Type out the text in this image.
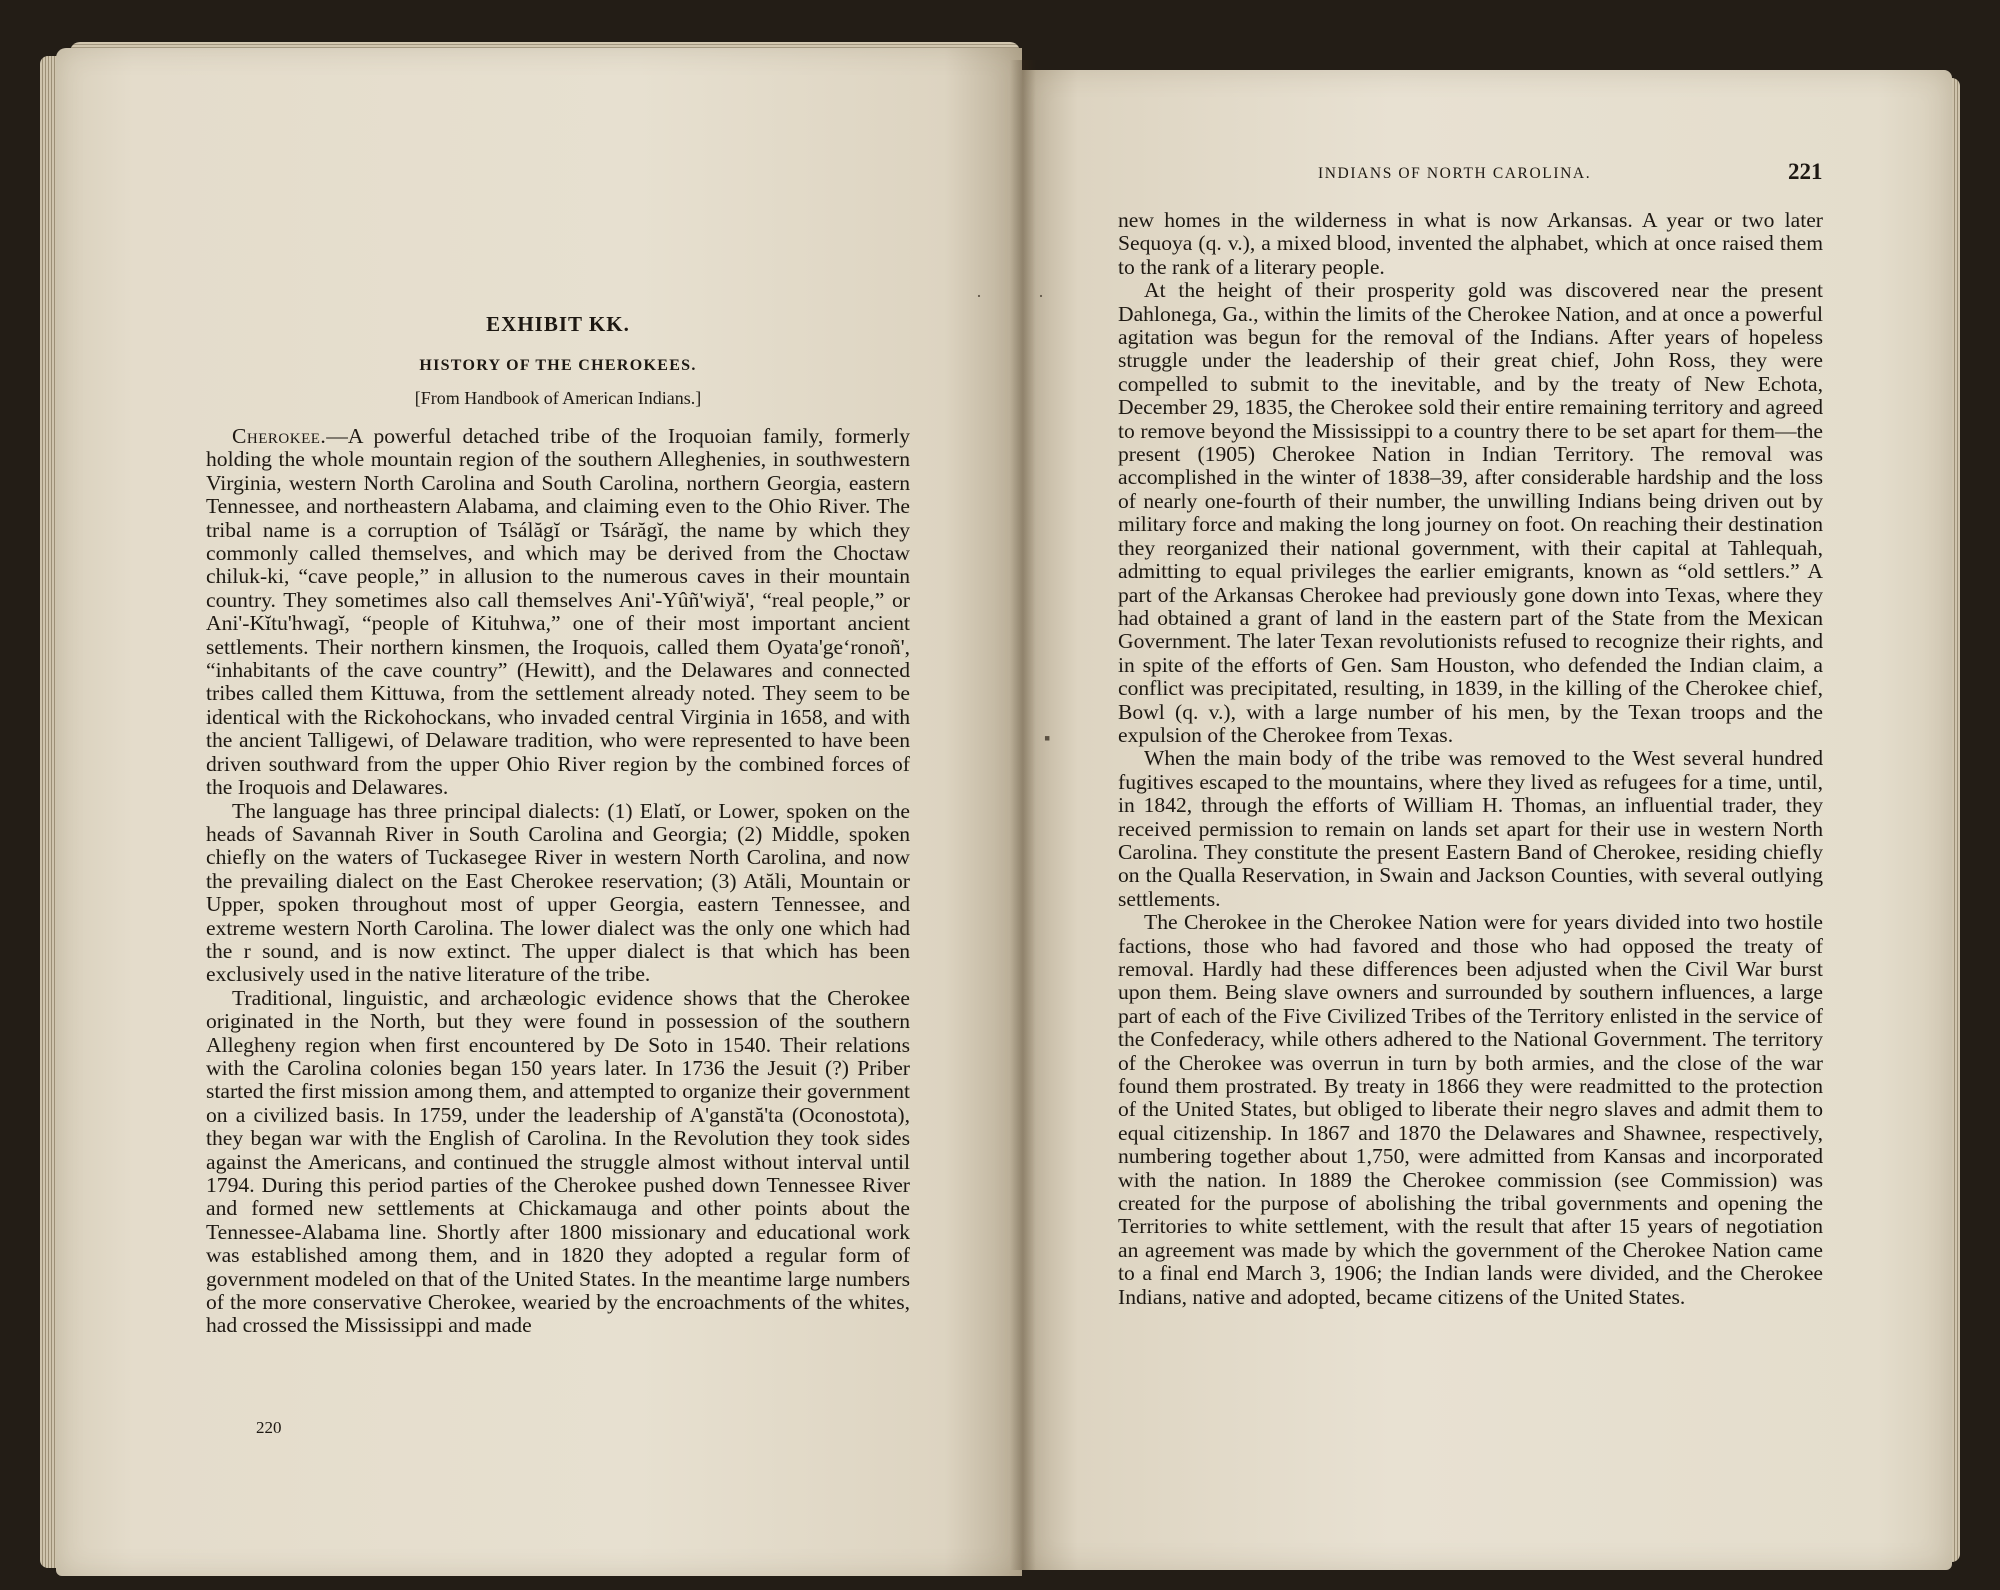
·	·
▪
EXHIBIT KK.
HISTORY OF THE CHEROKEES.
[From Handbook of American Indians.]

Cherokee.—A powerful detached tribe of the Iroquoian family, formerly holding the whole mountain region of the southern Alleghenies, in southwestern Virginia, western North Carolina and South Carolina, northern Georgia, eastern Tennessee, and northeastern Alabama, and claiming even to the Ohio River. The tribal name is a corruption of Tsálăgĭ or Tsárăgĭ, the name by which they commonly called themselves, and which may be derived from the Choctaw chiluk-ki, “cave people,” in allusion to the numerous caves in their mountain country. They sometimes also call themselves Ani'-Yûñ'wiyă', “real people,” or Ani'-Kĭtu'hwagĭ, “people of Kituhwa,” one of their most important ancient settlements. Their northern kinsmen, the Iroquois, called them Oyata'geʻronoñ', “inhabitants of the cave country” (Hewitt), and the Delawares and connected tribes called them Kittuwa, from the settlement already noted. They seem to be identical with the Rickohockans, who invaded central Virginia in 1658, and with the ancient Talligewi, of Delaware tradition, who were represented to have been driven southward from the upper Ohio River region by the combined forces of the Iroquois and Delawares.

The language has three principal dialects: (1) Elatĭ, or Lower, spoken on the heads of Savannah River in South Carolina and Georgia; (2) Middle, spoken chiefly on the waters of Tuckasegee River in western North Carolina, and now the prevailing dialect on the East Cherokee reservation; (3) Atăli, Mountain or Upper, spoken throughout most of upper Georgia, eastern Tennessee, and extreme western North Carolina. The lower dialect was the only one which had the r sound, and is now extinct. The upper dialect is that which has been exclusively used in the native literature of the tribe.

Traditional, linguistic, and archæologic evidence shows that the Cherokee originated in the North, but they were found in possession of the southern Allegheny region when first encountered by De Soto in 1540. Their relations with the Carolina colonies began 150 years later. In 1736 the Jesuit (?) Priber started the first mission among them, and attempted to organize their government on a civilized basis. In 1759, under the leadership of A'ganstă'ta (Oconostota), they began war with the English of Carolina. In the Revolution they took sides against the Americans, and continued the struggle almost without interval until 1794. During this period parties of the Cherokee pushed down Tennessee River and formed new settlements at Chickamauga and other points about the Tennessee-Alabama line. Shortly after 1800 missionary and educational work was established among them, and in 1820 they adopted a regular form of government modeled on that of the United States. In the meantime large numbers of the more conservative Cherokee, wearied by the encroachments of the whites, had crossed the Mississippi and made

220
INDIANS OF NORTH CAROLINA.	221

new homes in the wilderness in what is now Arkansas. A year or two later Sequoya (q. v.), a mixed blood, invented the alphabet, which at once raised them to the rank of a literary people.

At the height of their prosperity gold was discovered near the present Dahlonega, Ga., within the limits of the Cherokee Nation, and at once a powerful agitation was begun for the removal of the Indians. After years of hopeless struggle under the leadership of their great chief, John Ross, they were compelled to submit to the inevitable, and by the treaty of New Echota, December 29, 1835, the Cherokee sold their entire remaining territory and agreed to remove beyond the Mississippi to a country there to be set apart for them—the present (1905) Cherokee Nation in Indian Territory. The removal was accomplished in the winter of 1838–39, after considerable hardship and the loss of nearly one-fourth of their number, the unwilling Indians being driven out by military force and making the long journey on foot. On reaching their destination they reorganized their national government, with their capital at Tahlequah, admitting to equal privileges the earlier emigrants, known as “old settlers.” A part of the Arkansas Cherokee had previously gone down into Texas, where they had obtained a grant of land in the eastern part of the State from the Mexican Government. The later Texan revolutionists refused to recognize their rights, and in spite of the efforts of Gen. Sam Houston, who defended the Indian claim, a conflict was precipitated, resulting, in 1839, in the killing of the Cherokee chief, Bowl (q. v.), with a large number of his men, by the Texan troops and the expulsion of the Cherokee from Texas.

When the main body of the tribe was removed to the West several hundred fugitives escaped to the mountains, where they lived as refugees for a time, until, in 1842, through the efforts of William H. Thomas, an influential trader, they received permission to remain on lands set apart for their use in western North Carolina. They constitute the present Eastern Band of Cherokee, residing chiefly on the Qualla Reservation, in Swain and Jackson Counties, with several outlying settlements.

The Cherokee in the Cherokee Nation were for years divided into two hostile factions, those who had favored and those who had opposed the treaty of removal. Hardly had these differences been adjusted when the Civil War burst upon them. Being slave owners and surrounded by southern influences, a large part of each of the Five Civilized Tribes of the Territory enlisted in the service of the Confederacy, while others adhered to the National Government. The territory of the Cherokee was overrun in turn by both armies, and the close of the war found them prostrated. By treaty in 1866 they were readmitted to the protection of the United States, but obliged to liberate their negro slaves and admit them to equal citizenship. In 1867 and 1870 the Delawares and Shawnee, respectively, numbering together about 1,750, were admitted from Kansas and incorporated with the nation. In 1889 the Cherokee commission (see Commission) was created for the purpose of abolishing the tribal governments and opening the Territories to white settlement, with the result that after 15 years of negotiation an agreement was made by which the government of the Cherokee Nation came to a final end March 3, 1906; the Indian lands were divided, and the Cherokee Indians, native and adopted, became citizens of the United States.
